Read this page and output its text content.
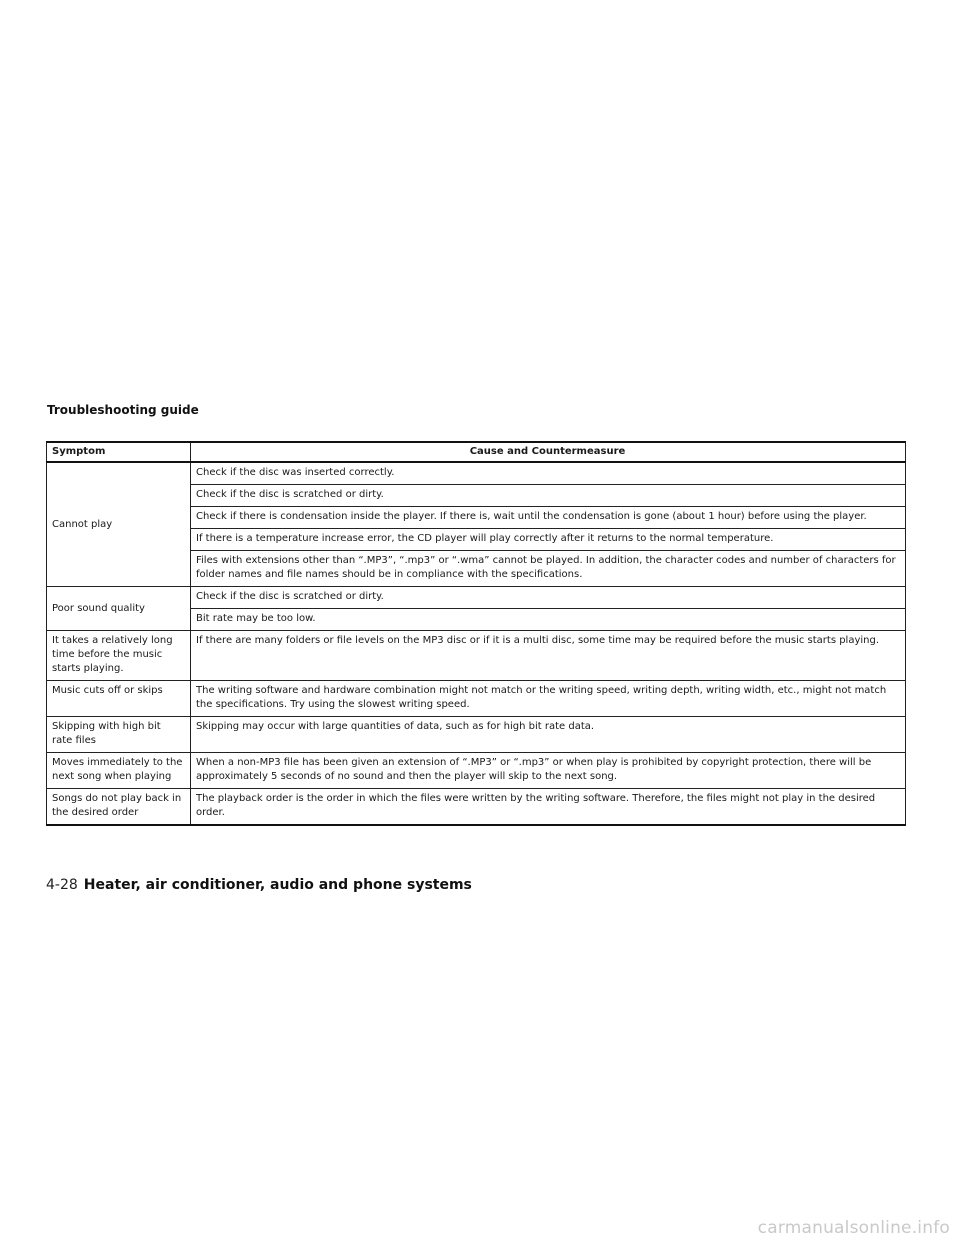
Troubleshooting guide
Symptom	Cause and Countermeasure
Cannot play	Check if the disc was inserted correctly.
	Check if the disc is scratched or dirty.
	Check if there is condensation inside the player. If there is, wait until the condensation is gone (about 1 hour) before using the player.
	If there is a temperature increase error, the CD player will play correctly after it returns to the normal temperature.
	Files with extensions other than “.MP3”, “.mp3” or “.wma” cannot be played. In addition, the character codes and number of characters for folder names and file names should be in compliance with the specifications.
Poor sound quality	Check if the disc is scratched or dirty.
	Bit rate may be too low.
It takes a relatively long time before the music starts playing.	If there are many folders or file levels on the MP3 disc or if it is a multi disc, some time may be required before the music starts playing.
Music cuts off or skips	The writing software and hardware combination might not match or the writing speed, writing depth, writing width, etc., might not match the specifications. Try using the slowest writing speed.
Skipping with high bit rate files	Skipping may occur with large quantities of data, such as for high bit rate data.
Moves immediately to the next song when playing	When a non-MP3 file has been given an extension of “.MP3” or “.mp3” or when play is prohibited by copyright protection, there will be approximately 5 seconds of no sound and then the player will skip to the next song.
Songs do not play back in the desired order	The playback order is the order in which the files were written by the writing software. Therefore, the files might not play in the desired order.
4-28 Heater, air conditioner, audio and phone systems
carmanualsonline.info
